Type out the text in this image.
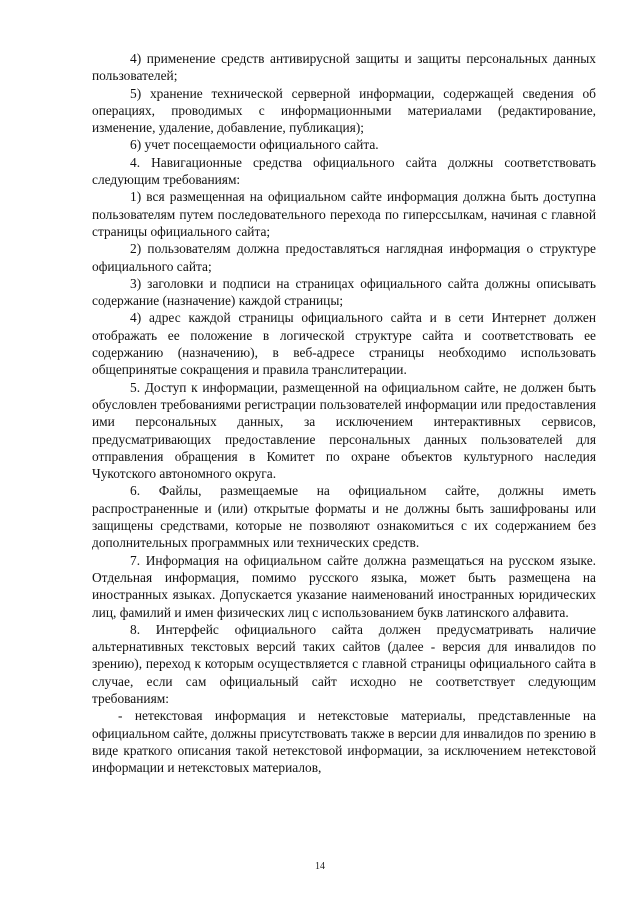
4) применение средств антивирусной защиты и защиты персональных данных пользователей;

5) хранение технической серверной информации, содержащей сведения об операциях, проводимых с информационными материалами (редактирование, изменение, удаление, добавление, публикация);

6) учет посещаемости официального сайта.

4. Навигационные средства официального сайта должны соответствовать следующим требованиям:

1) вся размещенная на официальном сайте информация должна быть доступна пользователям путем последовательного перехода по гиперссылкам, начиная с главной страницы официального сайта;

2) пользователям должна предоставляться наглядная информация о структуре официального сайта;

3) заголовки и подписи на страницах официального сайта должны описывать содержание (назначение) каждой страницы;

4) адрес каждой страницы официального сайта и в сети Интернет должен отображать ее положение в логической структуре сайта и соответствовать ее содержанию (назначению), в веб-адресе страницы необходимо использовать общепринятые сокращения и правила транслитерации.

5. Доступ к информации, размещенной на официальном сайте, не должен быть обусловлен требованиями регистрации пользователей информации или предоставления ими персональных данных, за исключением интерактивных сервисов, предусматривающих предоставление персональных данных пользователей для отправления обращения в Комитет по охране объектов культурного наследия Чукотского автономного округа.

6. Файлы, размещаемые на официальном сайте, должны иметь распространенные и (или) открытые форматы и не должны быть зашифрованы или защищены средствами, которые не позволяют ознакомиться с их содержанием без дополнительных программных или технических средств.

7. Информация на официальном сайте должна размещаться на русском языке. Отдельная информация, помимо русского языка, может быть размещена на иностранных языках. Допускается указание наименований иностранных юридических лиц, фамилий и имен физических лиц с использованием букв латинского алфавита.

8. Интерфейс официального сайта должен предусматривать наличие альтернативных текстовых версий таких сайтов (далее - версия для инвалидов по зрению), переход к которым осуществляется с главной страницы официального сайта в случае, если сам официальный сайт исходно не соответствует следующим требованиям:

- нетекстовая информация и нетекстовые материалы, представленные на официальном сайте, должны присутствовать также в версии для инвалидов по зрению в виде краткого описания такой нетекстовой информации, за исключением нетекстовой информации и нетекстовых материалов,

14
